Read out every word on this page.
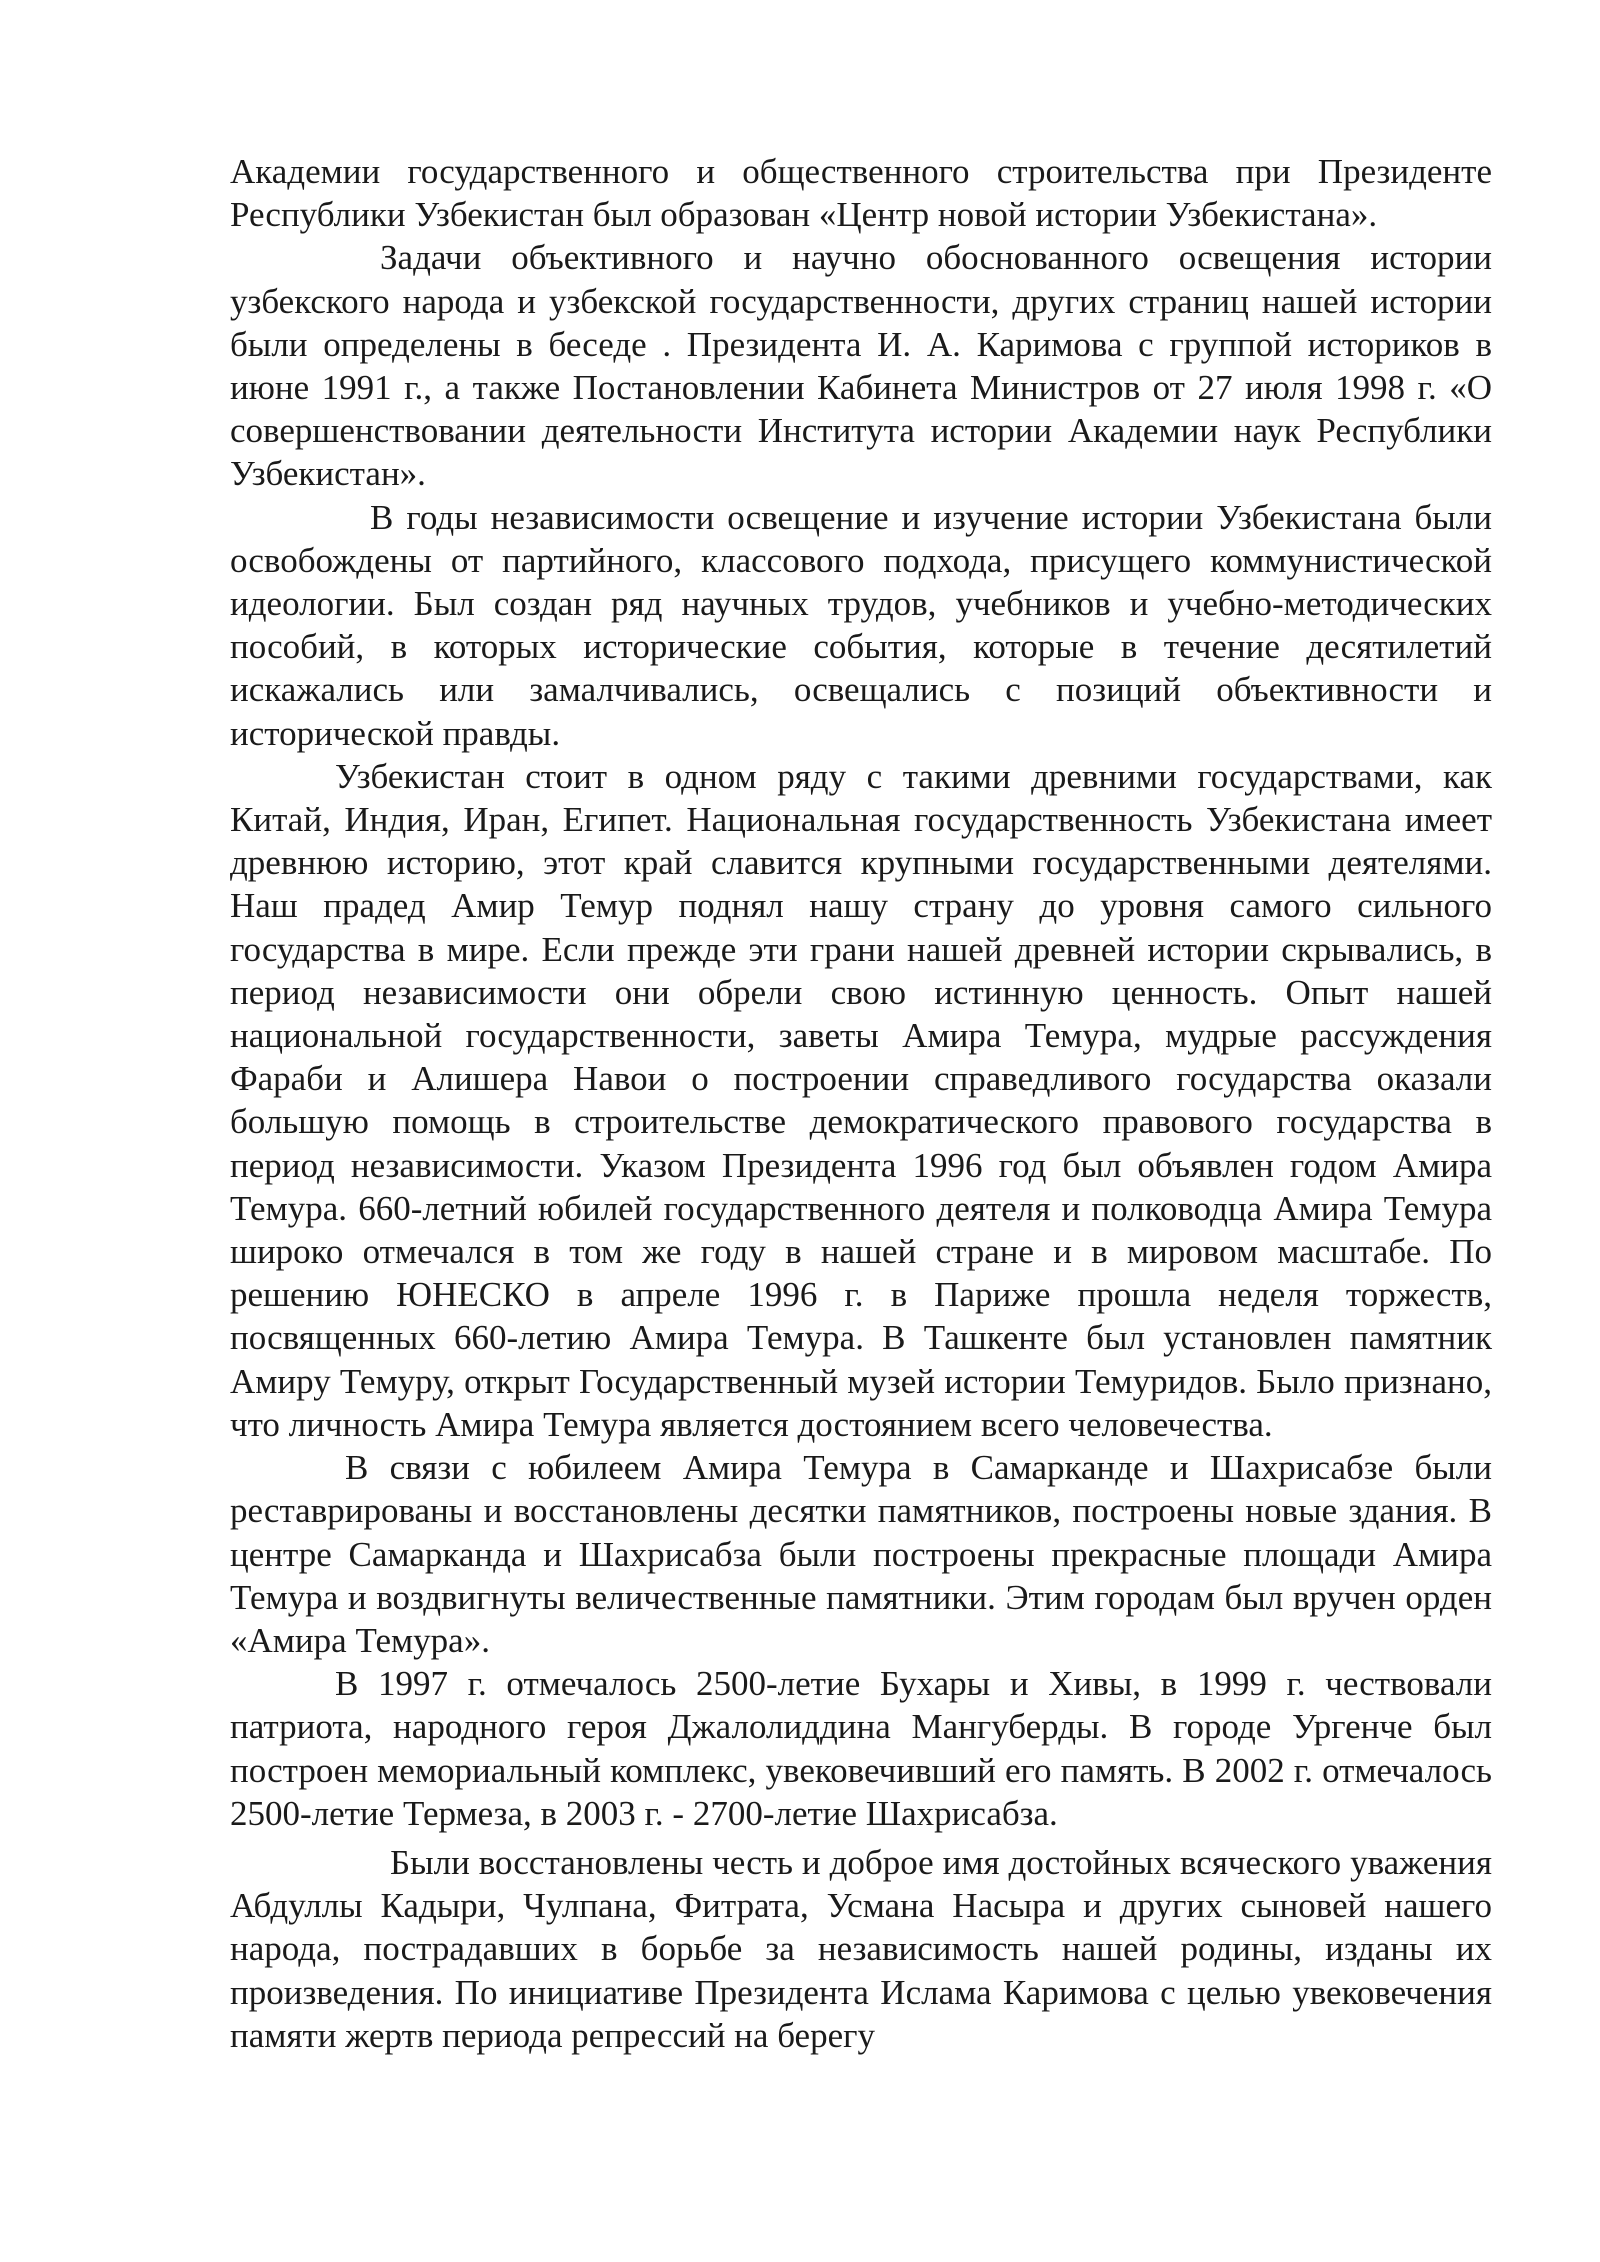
Академии государственного и общественного строительства при Президенте Республики Узбекистан был образован «Центр новой истории Узбекистана».

Задачи объективного и научно обоснованного освещения истории узбекского народа и узбекской государственности, других страниц нашей истории были определены в беседе . Президента И. А. Каримова с группой историков в июне 1991 г., а также Постановлении Кабинета Министров от 27 июля 1998 г. «О совершенствовании деятельности Института истории Академии наук Республики Узбекистан».

В годы независимости освещение и изучение истории Узбекистана были освобождены от партийного, классового подхода, присущего коммунистической идеологии. Был создан ряд научных трудов, учебников и учебно-методических пособий, в которых исторические события, которые в течение десятилетий искажались или замалчивались, освещались с позиций объективности и исторической правды.

Узбекистан стоит в одном ряду с такими древними государствами, как Китай, Индия, Иран, Египет. Национальная государственность Узбекистана имеет древнюю историю, этот край славится крупными государственными деятелями. Наш прадед Амир Темур поднял нашу страну до уровня самого сильного государства в мире. Если прежде эти грани нашей древней истории скрывались, в период независимости они обрели свою истинную ценность. Опыт нашей национальной государственности, заветы Амира Темура, мудрые рассуждения Фараби и Алишера Навои о построении справедливого государства оказали большую помощь в строительстве демократического правового государства в период независимости. Указом Президента 1996 год был объявлен годом Амира Темура. 660-летний юбилей государственного деятеля и полководца Амира Темура широко отмечался в том же году в нашей стране и в мировом масштабе. По решению ЮНЕСКО в апреле 1996 г. в Париже прошла неделя торжеств, посвященных 660-летию Амира Темура. В Ташкенте был установлен памятник Амиру Темуру, открыт Государственный музей истории Темуридов. Было признано, что личность Амира Темура является достоянием всего человечества.

В связи с юбилеем Амира Темура в Самарканде и Шахрисабзе были реставрированы и восстановлены десятки памятников, построены новые здания. В центре Самарканда и Шахрисабза были построены прекрасные площади Амира Темура и воздвигнуты величественные памятники. Этим городам был вручен орден «Амира Темура».

В 1997 г. отмечалось 2500-летие Бухары и Хивы, в 1999 г. чествовали патриота, народного героя Джалолиддина Мангуберды. В городе Ургенче был построен мемориальный комплекс, увековечивший его память. В 2002 г. отмечалось 2500-летие Термеза, в 2003 г. - 2700-летие Шахрисабза.

Были восстановлены честь и доброе имя достойных всяческого уважения Абдуллы Кадыри, Чулпана, Фитрата, Усмана Насыра и других сыновей нашего народа, пострадавших в борьбе за независимость нашей родины, изданы их произведения. По инициативе Президента Ислама Каримова с целью увековечения памяти жертв периода репрессий на берегу
